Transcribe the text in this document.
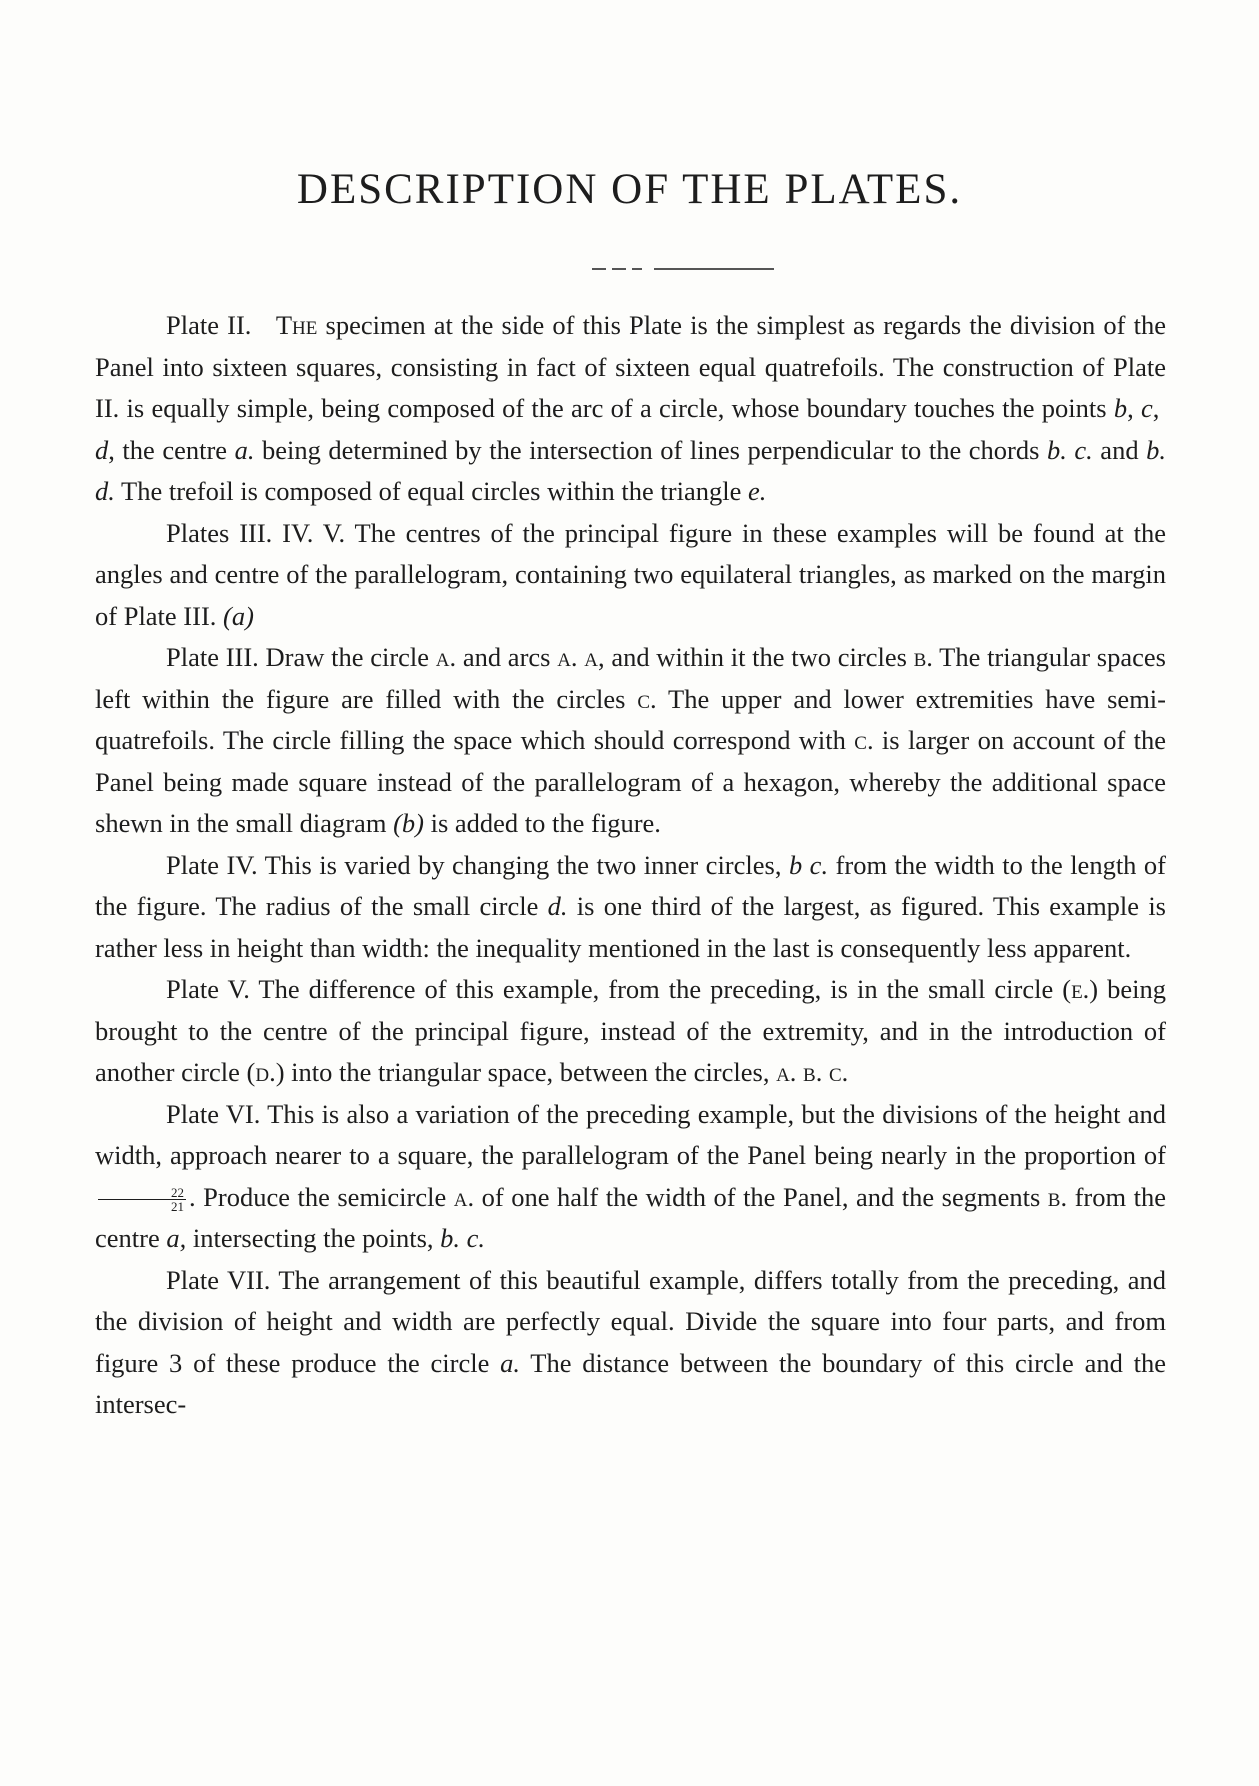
DESCRIPTION OF THE PLATES.

Plate II. The specimen at the side of this Plate is the simplest as regards the division of the Panel into sixteen squares, consisting in fact of sixteen equal quatrefoils. The construction of Plate II. is equally simple, being composed of the arc of a circle, whose boundary touches the points b, c,  d, the centre a. being determined by the intersection of lines perpendicular to the chords b. c. and b. d. The trefoil is composed of equal circles within the triangle e.

Plates III. IV. V. The centres of the principal figure in these examples will be found at the angles and centre of the parallelogram, containing two equilateral triangles, as marked on the margin of Plate III. (a)

Plate III. Draw the circle a. and arcs a. a, and within it the two circles b. The triangular spaces left within the figure are filled with the circles c. The upper and lower extremities have semi-quatrefoils. The circle filling the space which should correspond with c. is larger on account of the Panel being made square instead of the parallelogram of a hexagon, whereby the additional space shewn in the small diagram (b) is added to the figure.

Plate IV. This is varied by changing the two inner circles, b c. from the width to the length of the figure. The radius of the small circle d. is one third of the largest, as figured. This example is rather less in height than width: the inequality mentioned in the last is consequently less apparent.

Plate V. The difference of this example, from the preceding, is in the small circle (e.) being brought to the centre of the principal figure, instead of the extremity, and in the introduction of another circle (d.) into the triangular space, between the circles, a. b. c.

Plate VI. This is also a variation of the preceding example, but the divisions of the height and width, approach nearer to a square, the parallelogram of the Panel being nearly in the proportion of
$\frac{22}{21}$ . Produce the semicircle a. of one half the width of the Panel, and the segments b. from the centre a, intersecting the points, b. c.

Plate VII. The arrangement of this beautiful example, differs totally from the preceding, and the division of height and width are perfectly equal. Divide the square into four parts, and from figure 3 of these produce the circle a. The distance between the boundary of this circle and the intersec-
